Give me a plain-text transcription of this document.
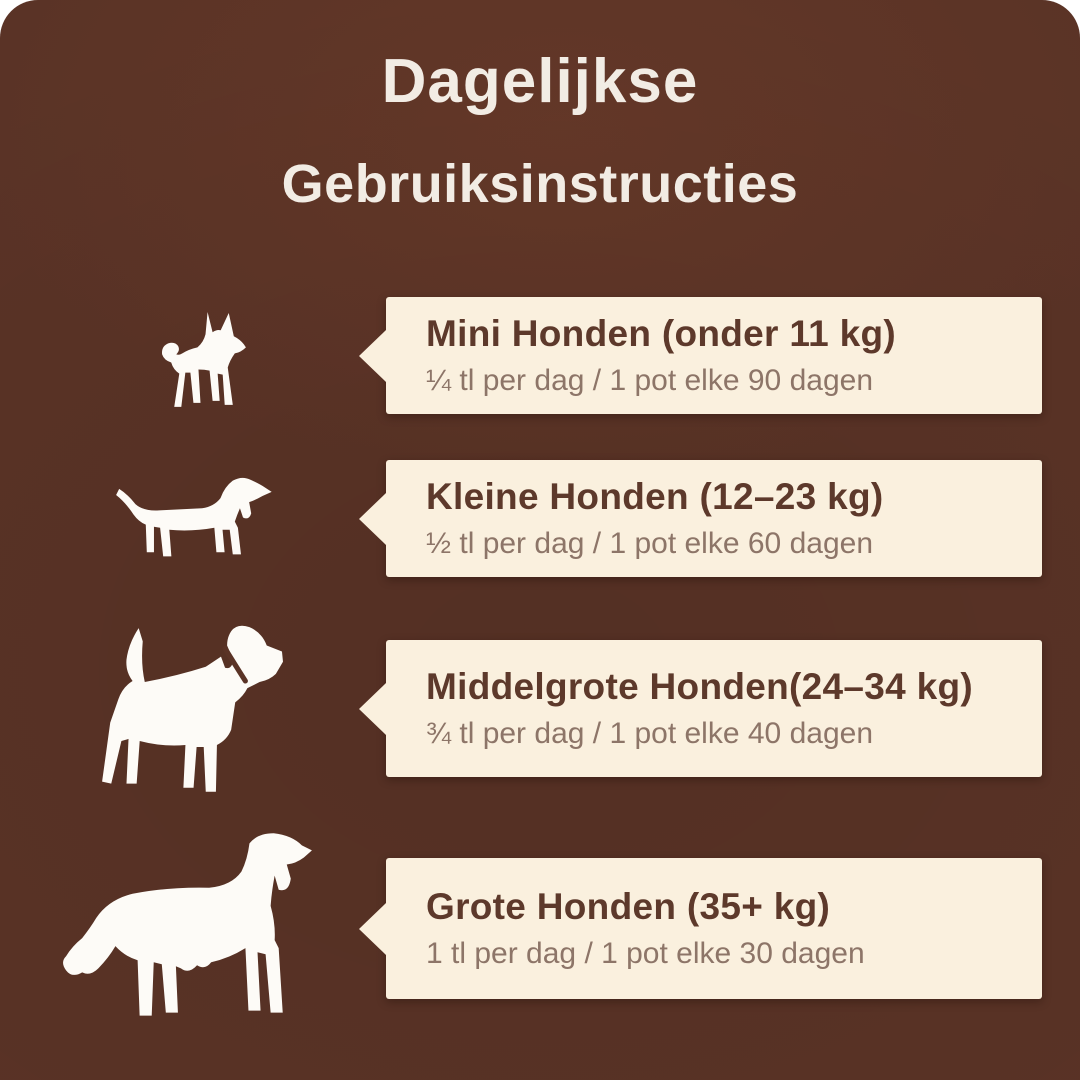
Dagelijkse
Gebruiksinstructies
Mini Honden (onder 11 kg)
¼ tl per dag / 1 pot elke 90 dagen
Kleine Honden (12–23 kg)
½ tl per dag / 1 pot elke 60 dagen
Middelgrote Honden(24–34 kg)
¾ tl per dag / 1 pot elke 40 dagen
Grote Honden (35+ kg)
1 tl per dag / 1 pot elke 30 dagen
